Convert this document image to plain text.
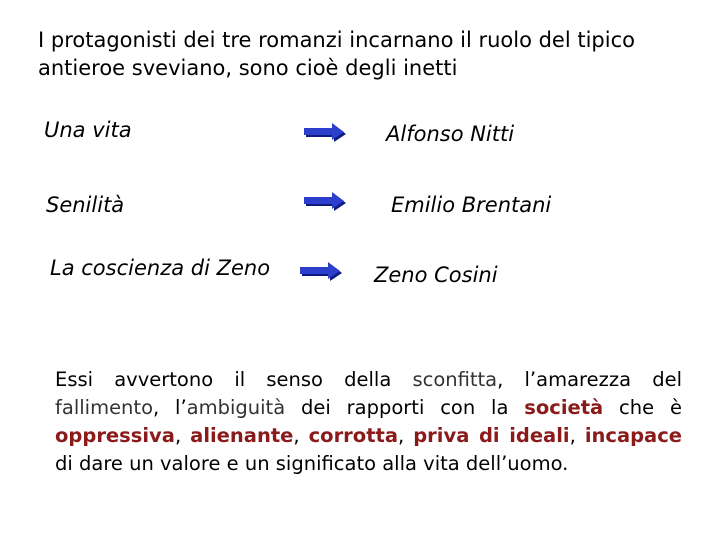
I protagonisti dei tre romanzi incarnano il ruolo del tipico
antieroe sveviano, sono cioè degli inetti
Una vita	Alfonso Nitti
Senilità	Emilio Brentani
La coscienza di Zeno	Zeno Cosini
Essi avvertono il senso della sconfitta, l’amarezza del fallimento, l’ambiguità dei rapporti con la società che è oppressiva, alienante, corrotta, priva di ideali, incapace di dare un valore e un significato alla vita dell’uomo.
